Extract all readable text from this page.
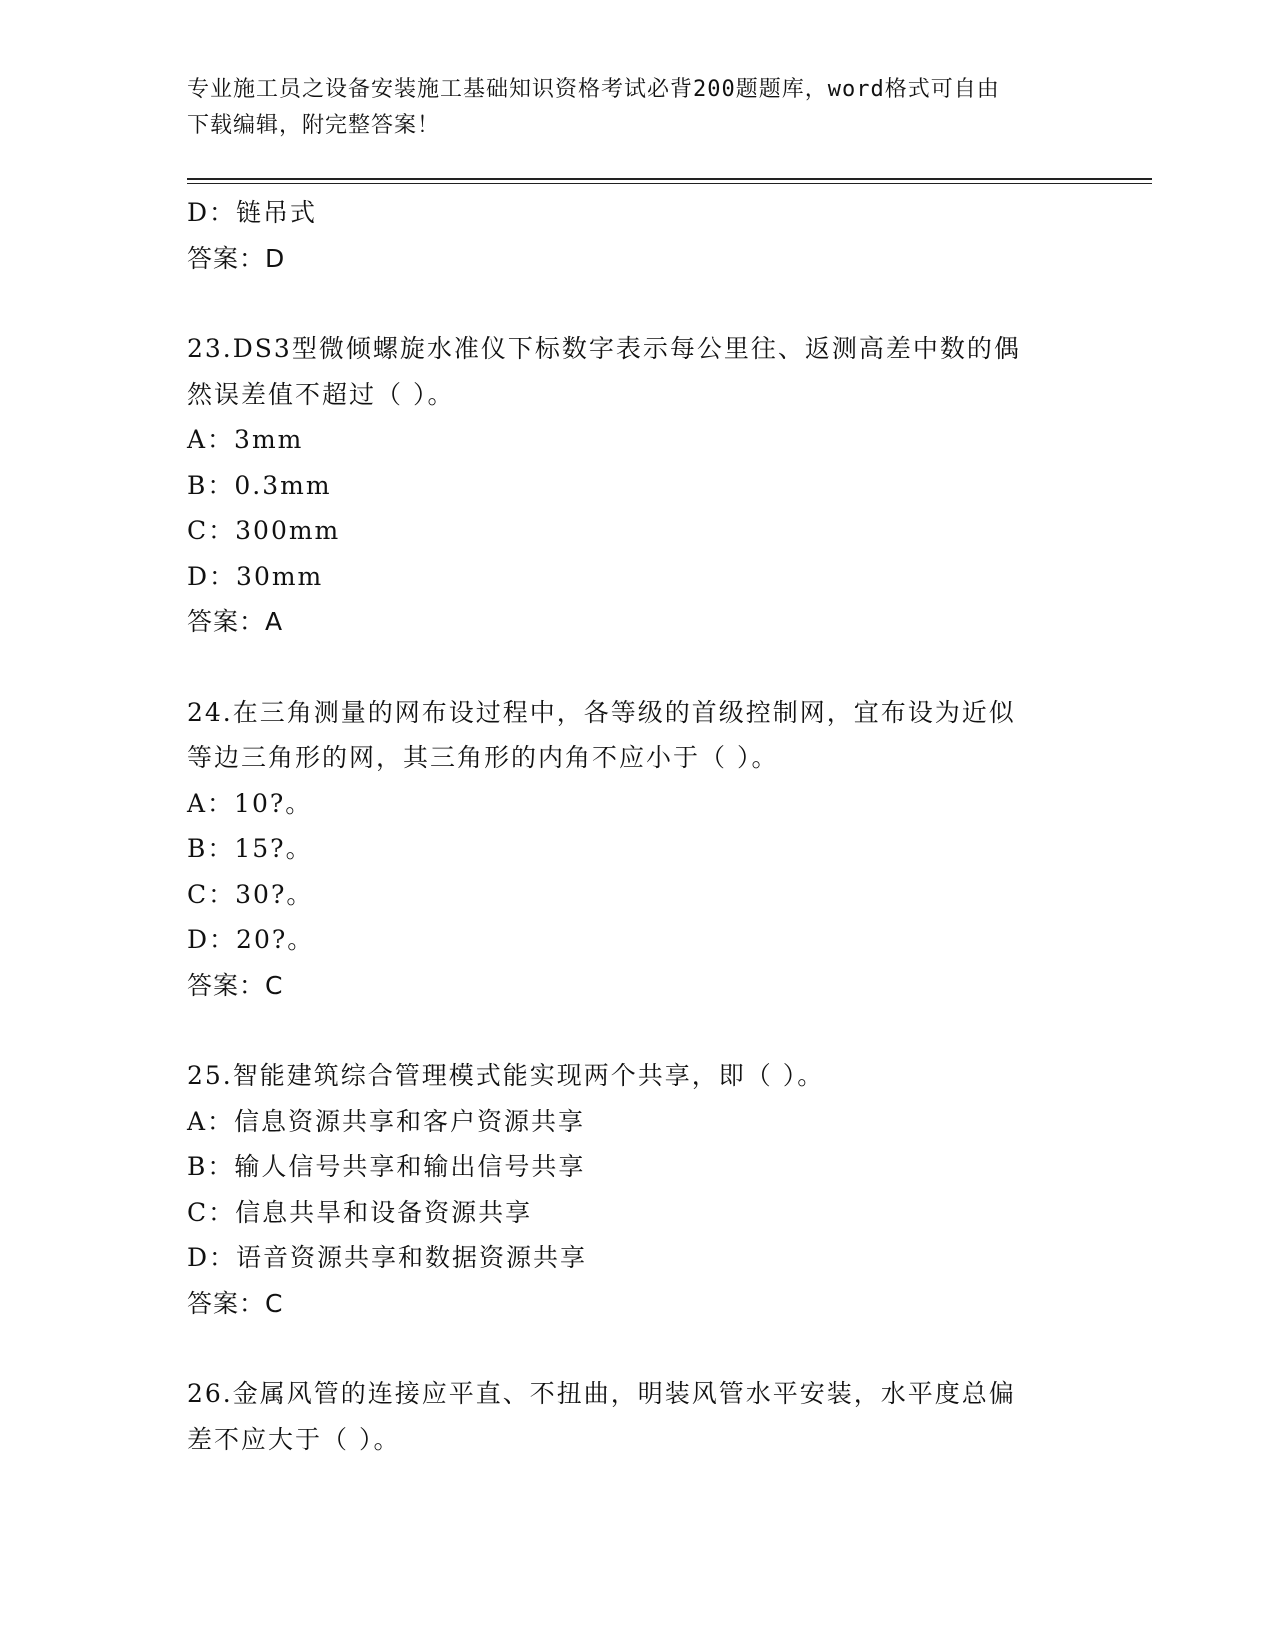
专业施工员之设备安装施工基础知识资格考试必背200题题库，word格式可自由
下载编辑，附完整答案！
D：链吊式
答案：D
23.DS3型微倾螺旋水准仪下标数字表示每公里往、返测高差中数的偶
然误差值不超过（ ）。
A：3mm
B：0.3mm
C：300mm
D：30mm
答案：A
24.在三角测量的网布设过程中，各等级的首级控制网，宜布设为近似
等边三角形的网，其三角形的内角不应小于（ ）。
A：10?。
B：15?。
C：30?。
D：20?。
答案：C
25.智能建筑综合管理模式能实现两个共享，即（ ）。
A：信息资源共享和客户资源共享
B：输人信号共享和输出信号共享
C：信息共旱和设备资源共享
D：语音资源共享和数据资源共享
答案：C
26.金属风管的连接应平直、不扭曲，明装风管水平安装，水平度总偏
差不应大于（ ）。
